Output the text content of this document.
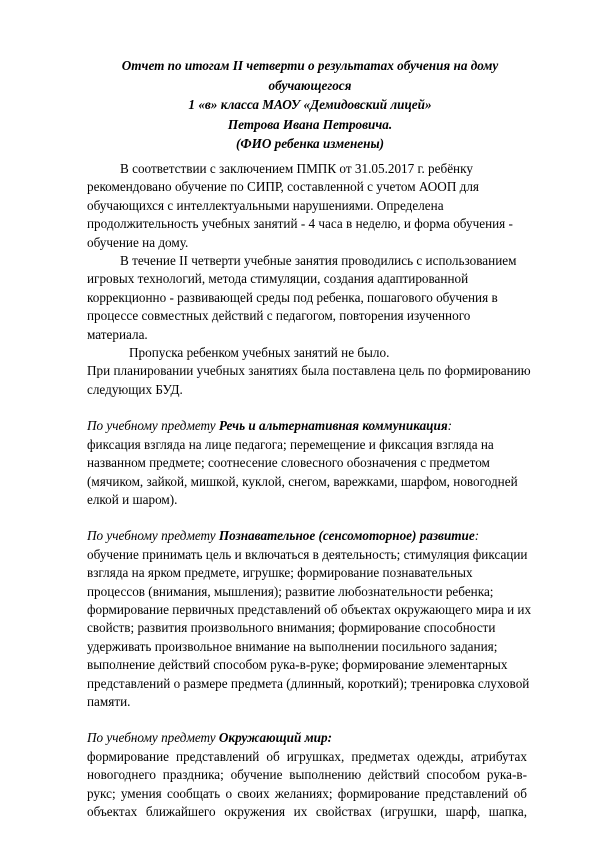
Отчет по итогам II четверти о результатах обучения на дому
обучающегося
1 «в» класса МАОУ «Демидовский лицей»
Петрова Ивана Петровича.
(ФИО ребенка изменены)

В соответствии с заключением ПМПК от 31.05.2017 г. ребёнку

рекомендовано обучение по СИПР, составленной с учетом АООП для

обучающихся с интеллектуальными нарушениями. Определена

продолжительность учебных занятий - 4 часа в неделю, и форма обучения -

обучение на дому.

В течение II четверти учебные занятия проводились с использованием

игровых технологий, метода стимуляции, создания адаптированной

коррекционно - развивающей среды под ребенка, пошагового обучения в

процессе совместных действий с педагогом, повторения изученного

материала.

Пропуска ребенком учебных занятий не было.

При планировании учебных занятиях была поставлена цель по формированию

следующих БУД.

По учебному предмету Речь и альтернативная коммуникация:

фиксация взгляда на лице педагога; перемещение и фиксация взгляда на

названном предмете; соотнесение словесного обозначения с предметом

(мячиком, зайкой, мишкой, куклой, снегом, варежками, шарфом, новогодней

елкой и шаром).

По учебному предмету Познавательное (сенсомоторное) развитие:

обучение принимать цель и включаться в деятельность; стимуляция фиксации

взгляда на ярком предмете, игрушке; формирование познавательных

процессов (внимания, мышления); развитие любознательности ребенка;

формирование первичных представлений об объектах окружающего мира и их

свойств; развития произвольного внимания; формирование способности

удерживать произвольное внимание на выполнении посильного задания;

выполнение действий способом рука-в-руке; формирование элементарных

представлений о размере предмета (длинный, короткий); тренировка слуховой

памяти.

По учебному предмету Окружающий мир:

формирование представлений об игрушках, предметах одежды, атрибутах

новогоднего праздника; обучение выполнению действий способом рука-в-

рукс; умения сообщать о своих желаниях; формирование представлений об

объектах ближайшего окружения их свойствах (игрушки, шарф, шапка,
